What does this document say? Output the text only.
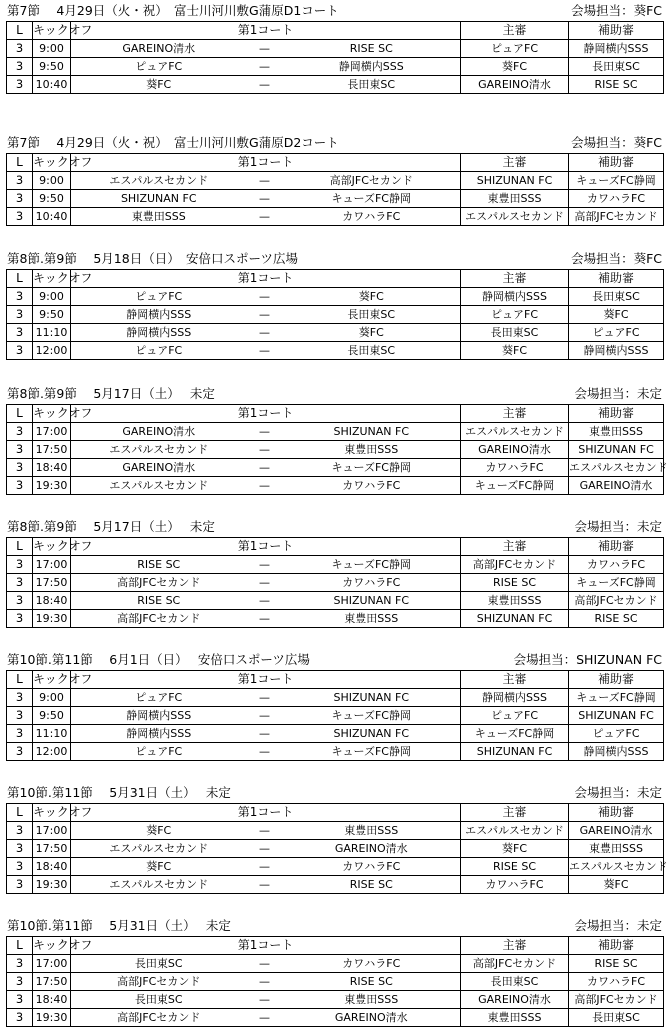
第7節　 4月29日（火・祝）　富士川河川敷G蒲原D1コート	会場担当：葵FC
L	キックオフ	第1コート			主審	補助審
3	9:00	GAREINO清水	—	RISE SC	ピュアFC	静岡横内SSS
3	9:50	ピュアFC	—	静岡横内SSS	葵FC	長田東SC
3	10:40	葵FC	—	長田東SC	GAREINO清水	RISE SC
第7節　 4月29日（火・祝）　富士川河川敷G蒲原D2コート	会場担当：葵FC
L	キックオフ	第1コート			主審	補助審
3	9:00	エスパルスセカンド	—	高部JFCセカンド	SHIZUNAN FC	キューズFC静岡
3	9:50	SHIZUNAN FC	—	キューズFC静岡	東豊田SSS	カワハラFC
3	10:40	東豊田SSS	—	カワハラFC	エスパルスセカンド	高部JFCセカンド
第8節.第9節　 5月18日（日）　安倍口スポーツ広場	会場担当：葵FC
L	キックオフ	第1コート			主審	補助審
3	9:00	ピュアFC	—	葵FC	静岡横内SSS	長田東SC
3	9:50	静岡横内SSS	—	長田東SC	ピュアFC	葵FC
3	11:10	静岡横内SSS	—	葵FC	長田東SC	ピュアFC
3	12:00	ピュアFC	—	長田東SC	葵FC	静岡横内SSS
第8節.第9節　 5月17日（土）　 未定	会場担当：未定
L	キックオフ	第1コート			主審	補助審
3	17:00	GAREINO清水	—	SHIZUNAN FC	エスパルスセカンド	東豊田SSS
3	17:50	エスパルスセカンド	—	東豊田SSS	GAREINO清水	SHIZUNAN FC
3	18:40	GAREINO清水	—	キューズFC静岡	カワハラFC	エスパルスセカンド
3	19:30	エスパルスセカンド	—	カワハラFC	キューズFC静岡	GAREINO清水
第8節.第9節　 5月17日（土）　 未定	会場担当：未定
L	キックオフ	第1コート			主審	補助審
3	17:00	RISE SC	—	キューズFC静岡	高部JFCセカンド	カワハラFC
3	17:50	高部JFCセカンド	—	カワハラFC	RISE SC	キューズFC静岡
3	18:40	RISE SC	—	SHIZUNAN FC	東豊田SSS	高部JFCセカンド
3	19:30	高部JFCセカンド	—	東豊田SSS	SHIZUNAN FC	RISE SC
第10節.第11節　 6月1日（日）　 安倍口スポーツ広場	会場担当：SHIZUNAN FC
L	キックオフ	第1コート			主審	補助審
3	9:00	ピュアFC	—	SHIZUNAN FC	静岡横内SSS	キューズFC静岡
3	9:50	静岡横内SSS	—	キューズFC静岡	ピュアFC	SHIZUNAN FC
3	11:10	静岡横内SSS	—	SHIZUNAN FC	キューズFC静岡	ピュアFC
3	12:00	ピュアFC	—	キューズFC静岡	SHIZUNAN FC	静岡横内SSS
第10節.第11節　 5月31日（土）　 未定	会場担当：未定
L	キックオフ	第1コート			主審	補助審
3	17:00	葵FC	—	東豊田SSS	エスパルスセカンド	GAREINO清水
3	17:50	エスパルスセカンド	—	GAREINO清水	葵FC	東豊田SSS
3	18:40	葵FC	—	カワハラFC	RISE SC	エスパルスセカンド
3	19:30	エスパルスセカンド	—	RISE SC	カワハラFC	葵FC
第10節.第11節　 5月31日（土）　 未定	会場担当：未定
L	キックオフ	第1コート			主審	補助審
3	17:00	長田東SC	—	カワハラFC	高部JFCセカンド	RISE SC
3	17:50	高部JFCセカンド	—	RISE SC	長田東SC	カワハラFC
3	18:40	長田東SC	—	東豊田SSS	GAREINO清水	高部JFCセカンド
3	19:30	高部JFCセカンド	—	GAREINO清水	東豊田SSS	長田東SC
